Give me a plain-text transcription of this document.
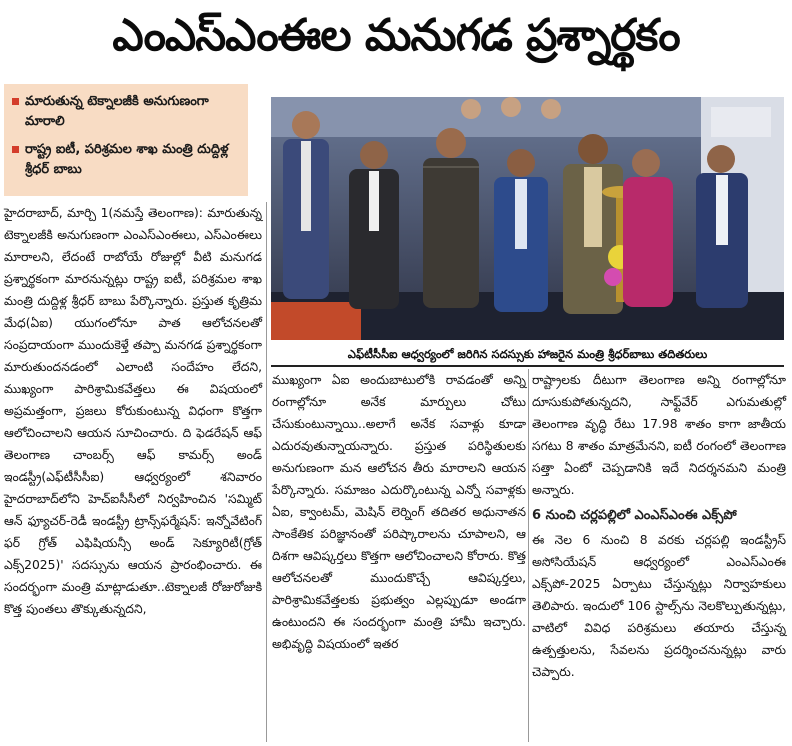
ఎంఎస్ఎంఈల మనుగడ ప్రశ్నార్థకం
మారుతున్న టెక్నాలజీకి అనుగుణంగా మారాలి
రాష్ట్ర ఐటీ, పరిశ్రమల శాఖ మంత్రి దుద్దిళ్ల శ్రీధర్ బాబు
ఎఫ్‌టీసీసీఐ ఆధ్వర్యంలో జరిగిన సదస్సుకు హాజరైన మంత్రి శ్రీధర్‌బాబు తదితరులు
హైదరాబాద్, మార్చి 1(నమస్తే తెలంగాణ): మారుతున్న టెక్నాలజీకి అనుగుణంగా ఎంఎస్ఎంఈలు, ఎస్ఎంఈలు మారాలని, లేదంటే రాబోయే రోజుల్లో వీటి మనుగడ ప్రశ్నార్థకంగా మారనున్నట్లు రాష్ట్ర ఐటీ, పరిశ్రమల శాఖ మంత్రి దుద్దిళ్ల శ్రీధర్ బాబు పేర్కొన్నారు. ప్రస్తుత కృత్రిమ మేధ(ఏఐ) యుగంలోనూ పాత ఆలోచనలతో సంప్రదాయంగా ముందుకెళ్తే తప్పా మనగడ ప్రశ్నార్థకంగా మారుతుందనడంలో ఎలాంటి సందేహం లేదని, ముఖ్యంగా పారిశ్రామికవేత్తలు ఈ విషయంలో అప్రమత్తంగా, ప్రజలు కోరుకుంటున్న విధంగా కొత్తగా ఆలోచించాలని ఆయన సూచించారు. ది ఫెడరేషన్ ఆఫ్ తెలంగాణ చాంబర్స్ ఆఫ్ కామర్స్ అండ్ ఇండస్ట్రీ(ఎఫ్‌టీసీసీఐ) ఆధ్వర్యంలో శనివారం హైదరాబాద్‌లోని హెచ్ఐసీసీలో నిర్వహించిన 'సమ్మిట్ ఆన్ ఫ్యూచర్-రెడీ ఇండస్ట్రీ ట్రాన్స్‌ఫర్మేషన్: ఇన్నోవేటింగ్ ఫర్ గ్రోత్ ఎఫిషియన్సీ అండ్ సెక్యూరిటీ(గ్రోత్ ఎక్స్2025)' సదస్సును ఆయన ప్రారంభించారు. ఈ సందర్భంగా మంత్రి మాట్లాడుతూ..టెక్నాలజీ రోజురోజుకి కొత్త పుంతలు తొక్కుతున్నదని,
ముఖ్యంగా ఏఐ అందుబాటులోకి రావడంతో అన్ని రంగాల్లోనూ అనేక మార్పులు చోటు చేసుకుంటున్నాయి..అలాగే అనేక సవాళ్లు కూడా ఎదురవుతున్నాయన్నారు. ప్రస్తుత పరిస్థితులకు అనుగుణంగా మన ఆలోచన తీరు మారాలని ఆయన పేర్కొన్నారు. సమాజం ఎదుర్కొంటున్న ఎన్నో సవాళ్లకు ఏఐ, క్వాంటమ్, మెషిన్ లెర్నింగ్ తదితర అధునాతన సాంకేతిక పరిజ్ఞానంతో పరిష్కారాలను చూపాలని, ఆ దిశగా ఆవిష్కర్తలు కొత్తగా ఆలోచించాలని కోరారు. కొత్త ఆలోచనలతో ముందుకొచ్చే ఆవిష్కర్తలు, పారిశ్రామికవేత్తలకు ప్రభుత్వం ఎల్లప్పుడూ అండగా ఉంటుందని ఈ సందర్భంగా మంత్రి హామీ ఇచ్చారు. అభివృద్ధి విషయంలో ఇతర

రాష్ట్రాలకు దీటుగా తెలంగాణ అన్ని రంగాల్లోనూ దూసుకుపోతున్నదని, సాఫ్ట్‌వేర్ ఎగుమతుల్లో తెలంగాణ వృద్ధి రేటు 17.98 శాతం కాగా జాతీయ సగటు 8 శాతం మాత్రమేనని, ఐటీ రంగంలో తెలంగాణ సత్తా ఏంటో చెప్పడానికి ఇదే నిదర్శనమని మంత్రి అన్నారు.

6 నుంచి చర్లపల్లిలో ఎంఎస్ఎంఈ ఎక్స్‌పో

ఈ నెల 6 నుంచి 8 వరకు చర్లపల్లి ఇండస్ట్రీస్ అసోసియేషన్ ఆధ్వర్యంలో ఎంఎస్ఎంఈ ఎక్స్‌పో-2025 ఏర్పాటు చేస్తున్నట్లు నిర్వాహకులు తెలిపారు. ఇందులో 106 స్టాల్స్‌ను నెలకొల్పుతున్నట్లు, వాటిలో వివిధ పరిశ్రమలు తయారు చేస్తున్న ఉత్పత్తులను, సేవలను ప్రదర్శించనున్నట్లు వారు చెప్పారు.
